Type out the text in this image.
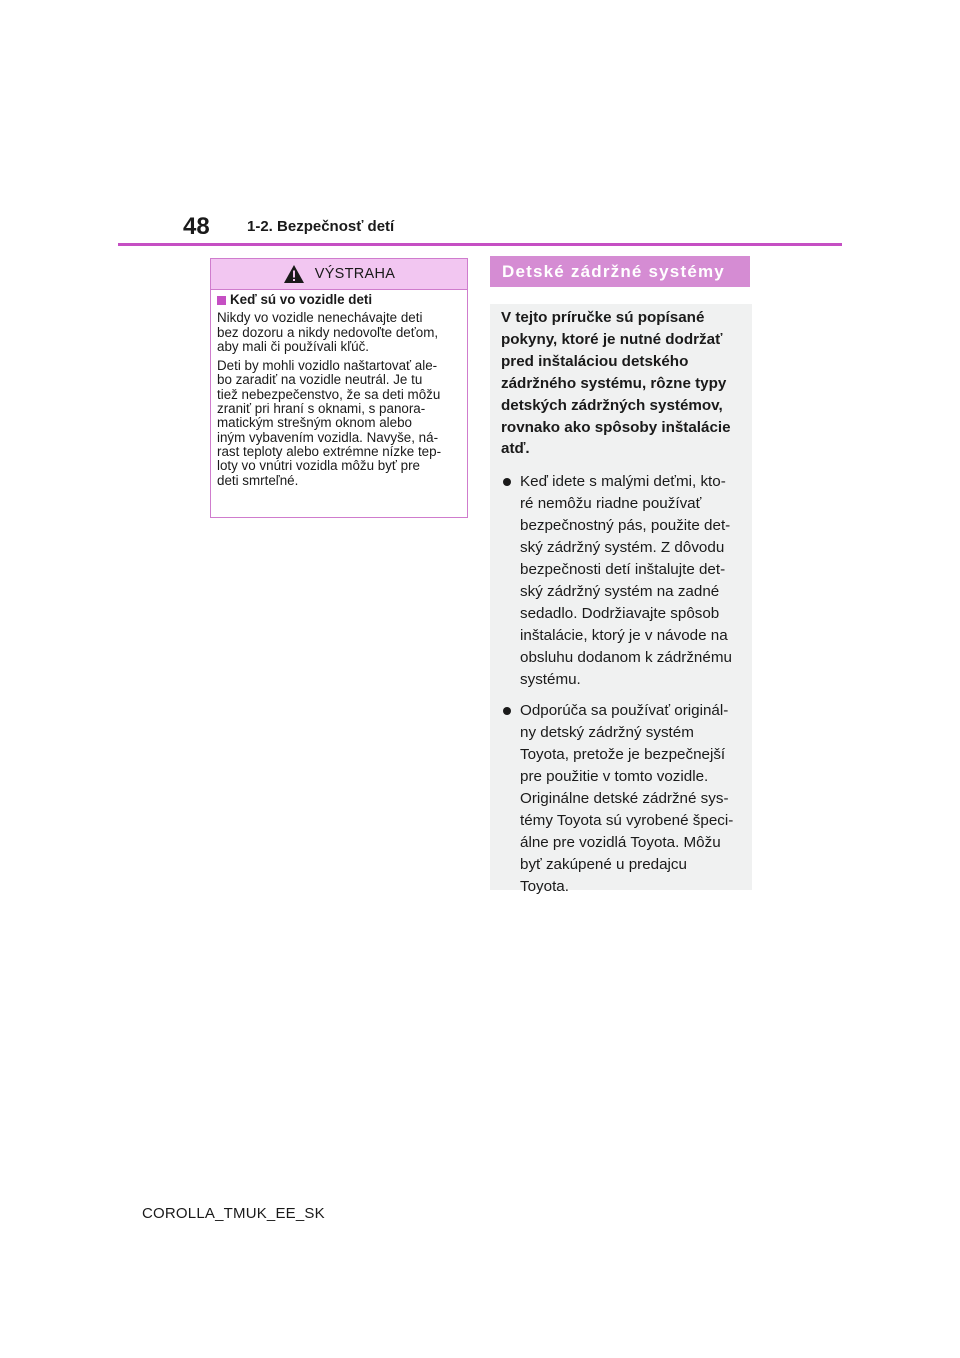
48 1-2. Bezpečnosť detí
VÝSTRAHA
Keď sú vo vozidle deti

Nikdy vo vozidle nenechávajte deti
bez dozoru a nikdy nedovoľte deťom,
aby mali či používali kľúč.

Deti by mohli vozidlo naštartovať ale-
bo zaradiť na vozidle neutrál. Je tu
tiež nebezpečenstvo, že sa deti môžu
zraniť pri hraní s oknami, s panora-
matickým strešným oknom alebo
iným vybavením vozidla. Navyše, ná-
rast teploty alebo extrémne nízke tep-
loty vo vnútri vozidla môžu byť pre
deti smrteľné.

Detské zádržné systémy

V tejto príručke sú popísané
pokyny, ktoré je nutné dodržať
pred inštaláciou detského
zádržného systému, rôzne typy
detských zádržných systémov,
rovnako ako spôsoby inštalácie
atď.

Keď idete s malými deťmi, kto-
ré nemôžu riadne používať
bezpečnostný pás, použite det-
ský zádržný systém. Z dôvodu
bezpečnosti detí inštalujte det-
ský zádržný systém na zadné
sedadlo. Dodržiavajte spôsob
inštalácie, ktorý je v návode na
obsluhu dodanom k zádržnému
systému.
Odporúča sa používať originál-
ny detský zádržný systém
Toyota, pretože je bezpečnejší
pre použitie v tomto vozidle.
Originálne detské zádržné sys-
témy Toyota sú vyrobené špeci-
álne pre vozidlá Toyota. Môžu
byť zakúpené u predajcu
Toyota.
COROLLA_TMUK_EE_SK
